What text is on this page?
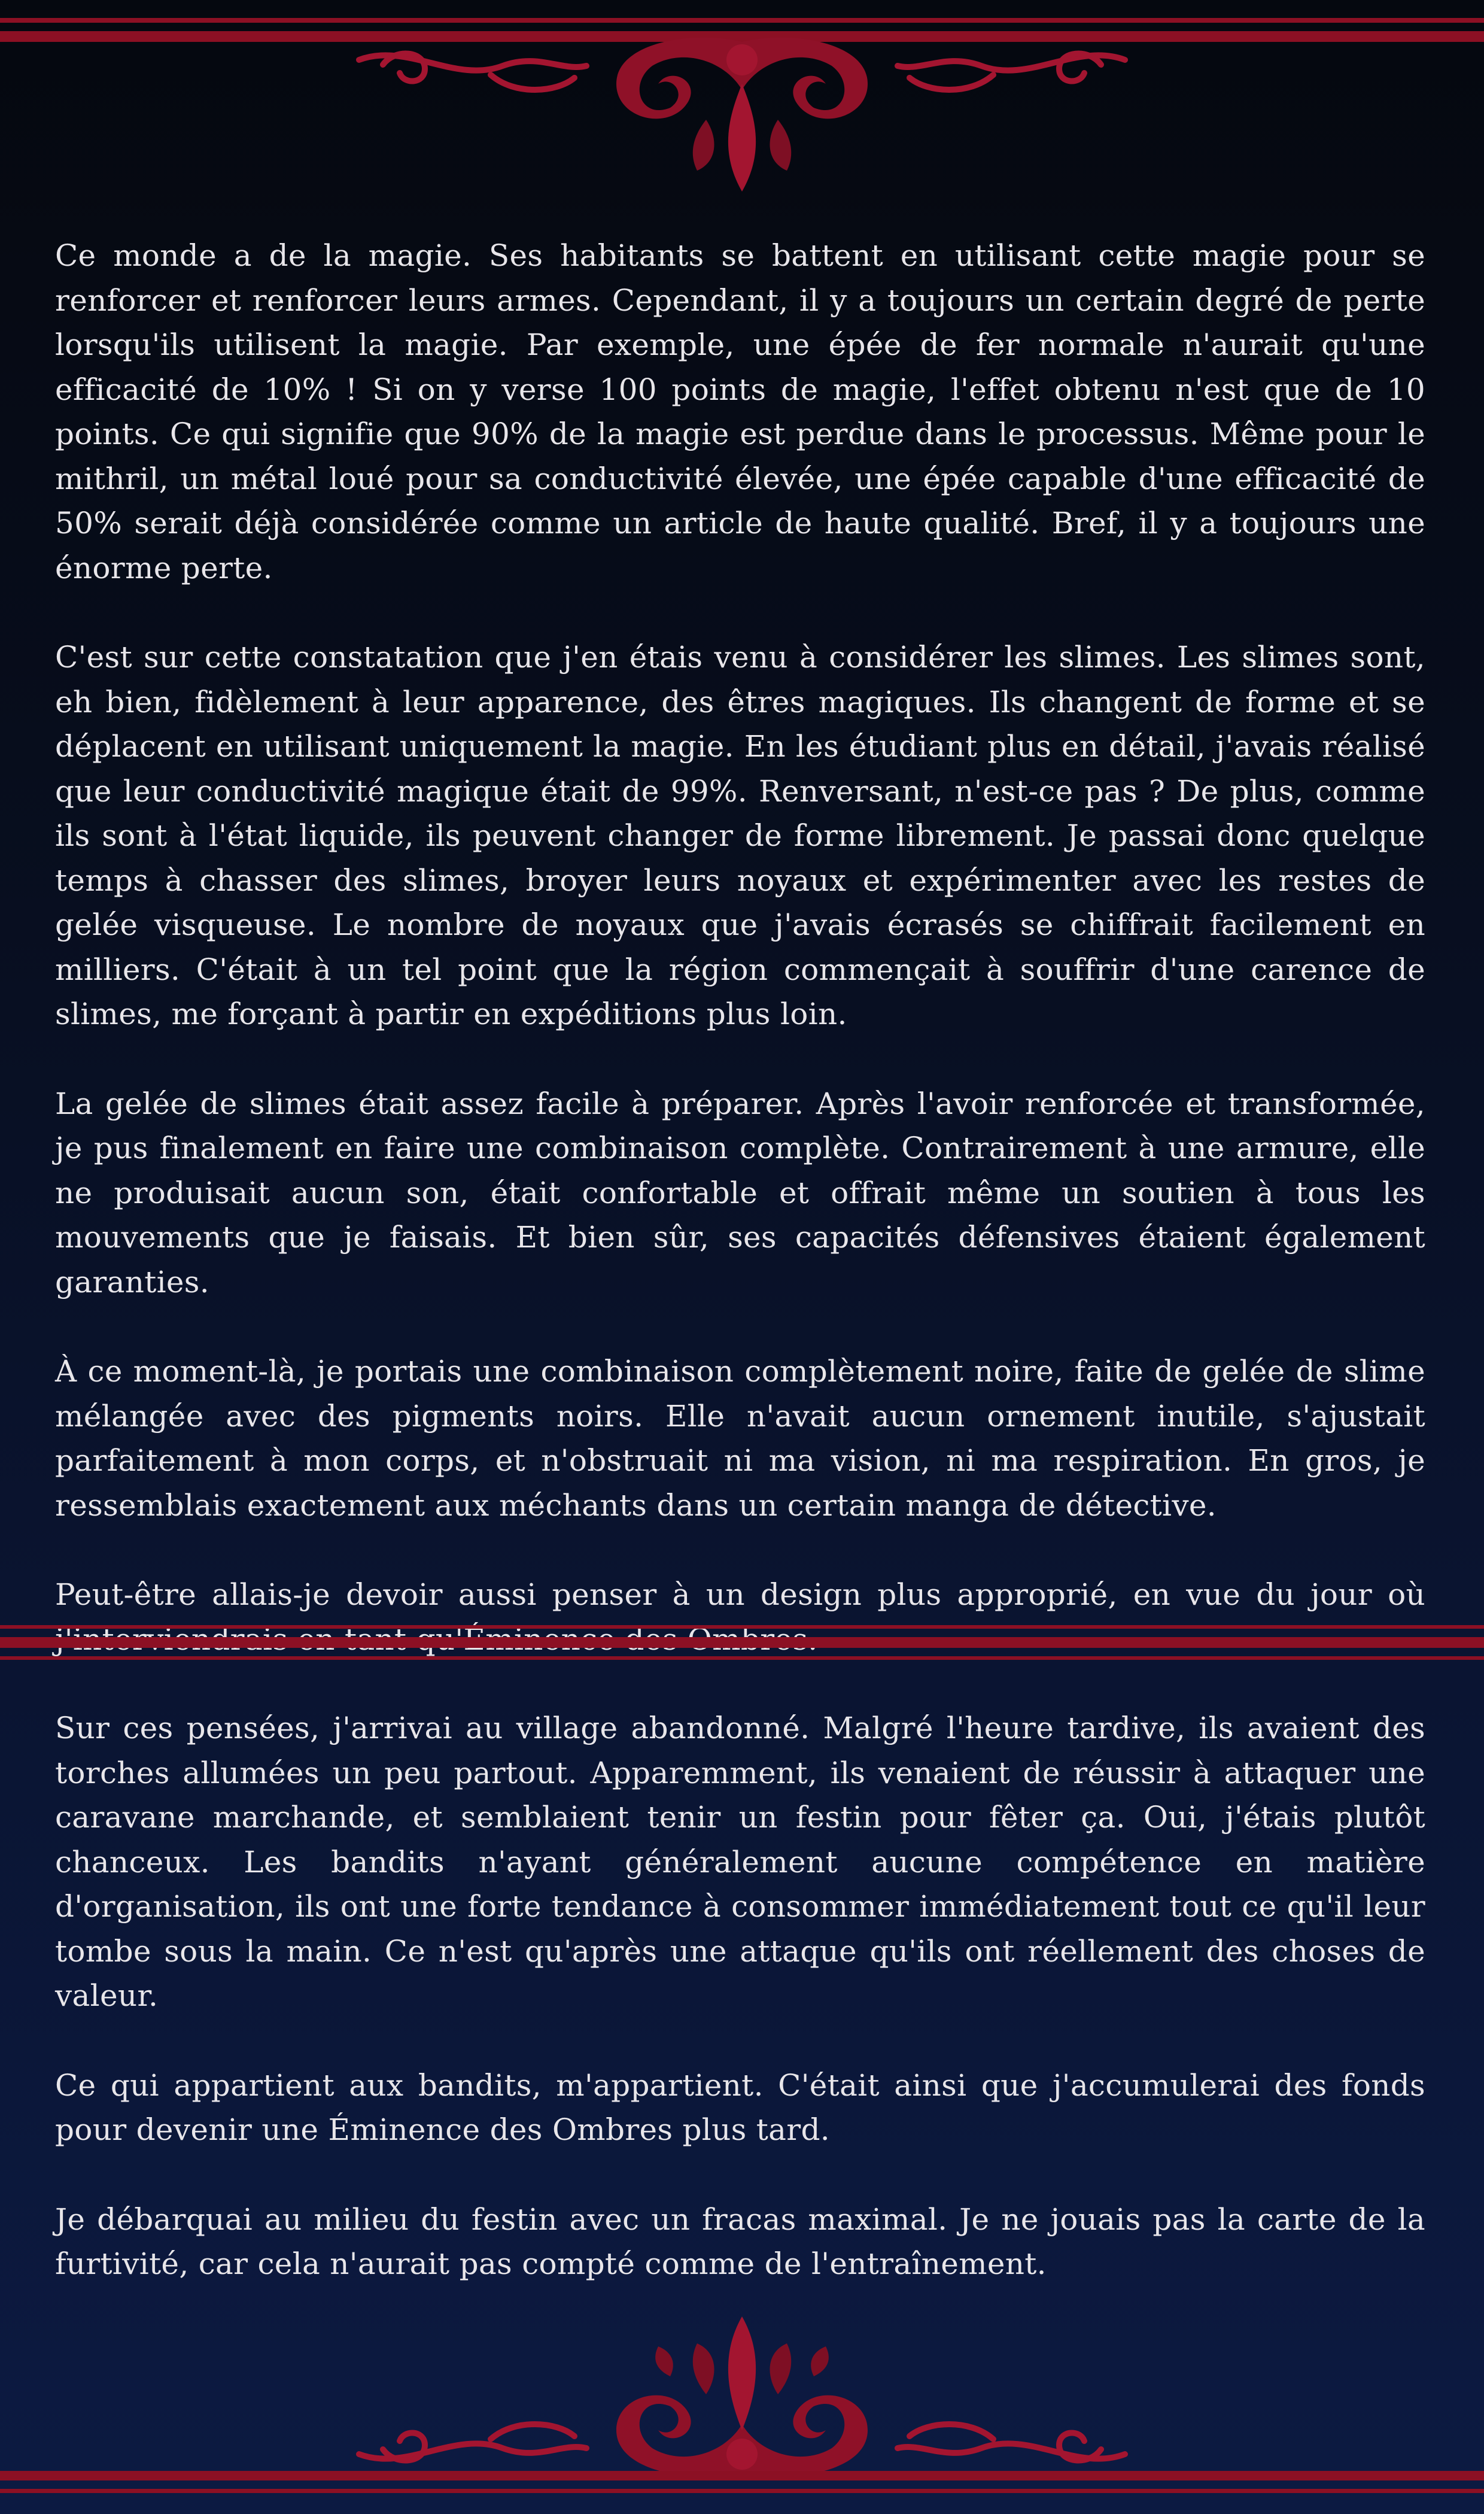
Ce monde a de la magie. Ses habitants se battent en utilisant cette magie pour se renforcer et renforcer leurs armes. Cependant, il y a toujours un certain degré de perte lorsqu'ils utilisent la magie. Par exemple, une épée de fer normale n'aurait qu'une efficacité de 10% ! Si on y verse 100 points de magie, l'effet obtenu n'est que de 10 points. Ce qui signifie que 90% de la magie est perdue dans le processus. Même pour le mithril, un métal loué pour sa conductivité élevée, une épée capable d'une efficacité de 50% serait déjà considérée comme un article de haute qualité. Bref, il y a toujours une énorme perte.

C'est sur cette constatation que j'en étais venu à considérer les slimes. Les slimes sont, eh bien, fidèlement à leur apparence, des êtres magiques. Ils changent de forme et se déplacent en utilisant uniquement la magie. En les étudiant plus en détail, j'avais réalisé que leur conductivité magique était de 99%. Renversant, n'est-ce pas ? De plus, comme ils sont à l'état liquide, ils peuvent changer de forme librement. Je passai donc quelque temps à chasser des slimes, broyer leurs noyaux et expérimenter avec les restes de gelée visqueuse. Le nombre de noyaux que j'avais écrasés se chiffrait facilement en milliers. C'était à un tel point que la région commençait à souffrir d'une carence de slimes, me forçant à partir en expéditions plus loin.

La gelée de slimes était assez facile à préparer. Après l'avoir renforcée et transformée, je pus finalement en faire une combinaison complète. Contrairement à une armure, elle ne produisait aucun son, était confortable et offrait même un soutien à tous les mouvements que je faisais. Et bien sûr, ses capacités défensives étaient également garanties.

À ce moment-là, je portais une combinaison complètement noire, faite de gelée de slime mélangée avec des pigments noirs. Elle n'avait aucun ornement inutile, s'ajustait parfaitement à mon corps, et n'obstruait ni ma vision, ni ma respiration. En gros, je ressemblais exactement aux méchants dans un certain manga de détective.

Peut-être allais-je devoir aussi penser à un design plus approprié, en vue du jour où

Sur ces pensées, j'arrivai au village abandonné. Malgré l'heure tardive, ils avaient des torches allumées un peu partout. Apparemment, ils venaient de réussir à attaquer une caravane marchande, et semblaient tenir un festin pour fêter ça. Oui, j'étais plutôt chanceux. Les bandits n'ayant généralement aucune compétence en matière d'organisation, ils ont une forte tendance à consommer immédiatement tout ce qu'il leur tombe sous la main. Ce n'est qu'après une attaque qu'ils ont réellement des choses de valeur.

Ce qui appartient aux bandits, m'appartient. C'était ainsi que j'accumulerai des fonds pour devenir une Éminence des Ombres plus tard.

Je débarquai au milieu du festin avec un fracas maximal. Je ne jouais pas la carte de la furtivité, car cela n'aurait pas compté comme de l'entraînement.
